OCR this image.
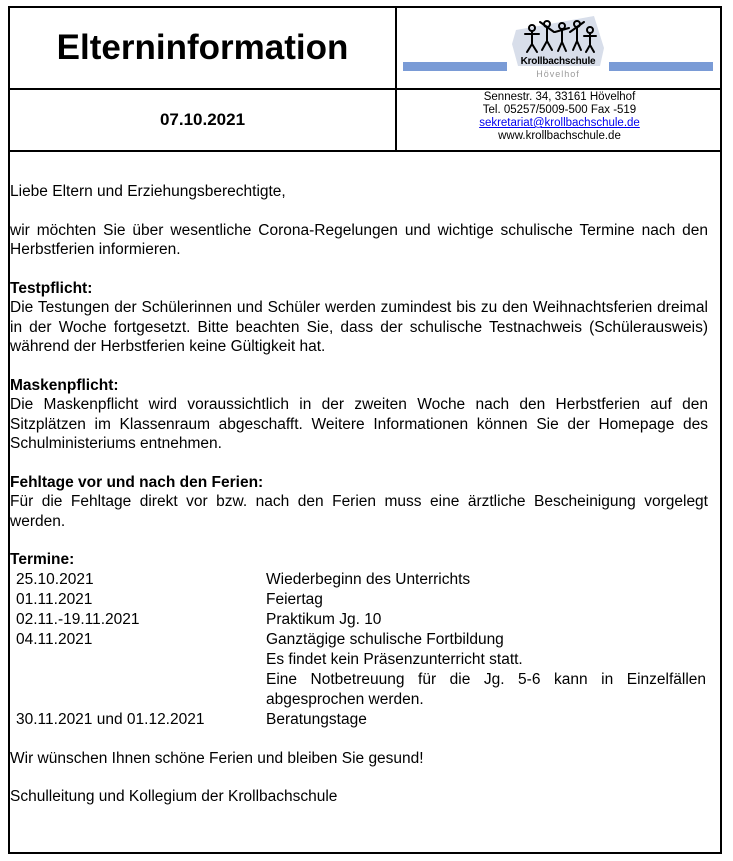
Elterninformation	Krollbachschule
Hövelhof
07.10.2021
Sennestr. 34, 33161 Hövelhof
Tel. 05257/5009-500 Fax -519
sekretariat@krollbachschule.de
www.krollbachschule.de

Liebe Eltern und Erziehungsberechtigte,

wir möchten Sie über wesentliche Corona-Regelungen und wichtige schulische Termine nach den Herbstferien informieren.

Testpflicht:

Die Testungen der Schülerinnen und Schüler werden zumindest bis zu den Weihnachtsferien dreimal in der Woche fortgesetzt. Bitte beachten Sie, dass der schulische Testnachweis (Schülerausweis) während der Herbstferien keine Gültigkeit hat.

Maskenpflicht:

Die Maskenpflicht wird voraussichtlich in der zweiten Woche nach den Herbstferien auf den Sitzplätzen im Klassenraum abgeschafft. Weitere Informationen können Sie der Homepage des Schulministeriums entnehmen.

Fehltage vor und nach den Ferien:

Für die Fehltage direkt vor bzw. nach den Ferien muss eine ärztliche Bescheinigung vorgelegt werden.

Termine:

25.10.2021	Wiederbeginn des Unterrichts
01.11.2021	Feiertag
02.11.-19.11.2021	Praktikum Jg. 10
04.11.2021	Ganztägige schulische Fortbildung
	Es findet kein Präsenzunterricht statt.
	Eine Notbetreuung für die Jg. 5-6 kann in Einzelfällen abgesprochen werden.
30.11.2021 und 01.12.2021	Beratungstage

Wir wünschen Ihnen schöne Ferien und bleiben Sie gesund!

Schulleitung und Kollegium der Krollbachschule
